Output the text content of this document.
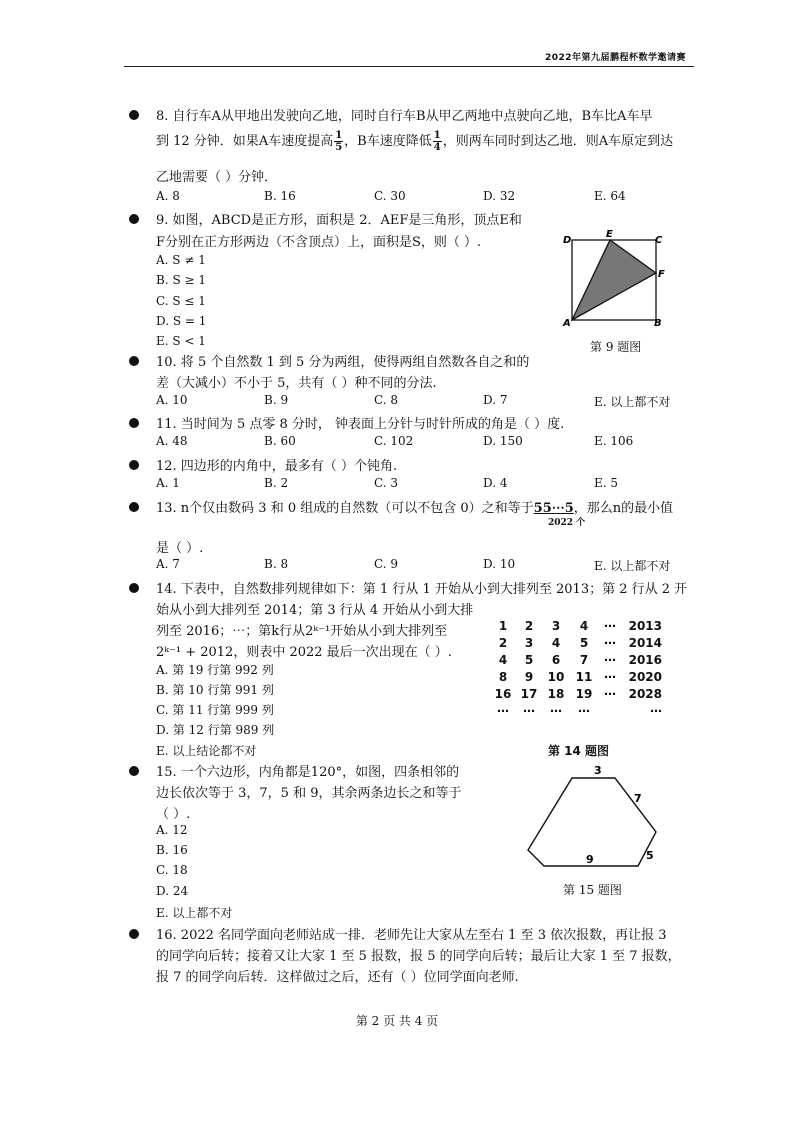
2022年第九届鹏程杯数学邀请赛
8. 自行车A从甲地出发驶向乙地，同时自行车B从甲乙两地中点驶向乙地，B车比A车早
到 12 分钟．如果A车速度提高 $\frac{1}{5}$ ，B车速度降低 $\frac{1}{4}$ ，则两车同时到达乙地．则A车原定到达
乙地需要（ ）分钟．
A. 8	B. 16	C. 30	D. 32	E. 64
9. 如图，ABCD是正方形，面积是 2．AEF是三角形，顶点E和
F分别在正方形两边（不含顶点）上，面积是S，则（ ）.
A. S ≠ 1
B. S ≥ 1
C. S ≤ 1
D. S = 1
E. S < 1
D
E
C
F
A	B
第 9 题图
10. 将 5 个自然数 1 到 5 分为两组，使得两组自然数各自之和的
差（大减小）不小于 5，共有（ ）种不同的分法.
A. 10	B. 9	C. 8	D. 7	E. 以上都不对
11. 当时间为 5 点零 8 分时， 钟表面上分针与时针所成的角是（ ）度.
A. 48	B. 60	C. 102	D. 150	E. 106
12. 四边形的内角中，最多有（ ）个钝角.
A. 1	B. 2	C. 3	D. 4	E. 5
13. n个仅由数码 3 和 0 组成的自然数（可以不包含 0）之和等于55⋯5，那么n的最小值
2022 个
是（ ）.
A. 7	B. 8	C. 9	D. 10	E. 以上都不对
14. 下表中，自然数排列规律如下：第 1 行从 1 开始从小到大排列至 2013；第 2 行从 2 开
始从小到大排列至 2014；第 3 行从 4 开始从小到大排
列至 2016；⋯；第k行从2ᵏ⁻¹开始从小到大排列至
2ᵏ⁻¹ + 2012，则表中 2022 最后一次出现在（ ）.
A. 第 19 行第 992 列
B. 第 10 行第 991 列
C. 第 11 行第 999 列
D. 第 12 行第 989 列
E. 以上结论都不对
1	2	3	4	⋯	2013
2	3	4	5	⋯	2014
4	5	6	7	⋯	2016
8	9	10	11	⋯	2020
16	17	18	19	⋯	2028
⋯	⋯	⋯	⋯		⋯
第 14 题图
15. 一个六边形，内角都是120°，如图，四条相邻的
边长依次等于 3，7，5 和 9，其余两条边长之和等于
（ ）.
A. 12
B. 16
C. 18
D. 24
E. 以上都不对
3
7
5
9
第 15 题图
16. 2022 名同学面向老师站成一排．老师先让大家从左至右 1 至 3 依次报数，再让报 3
的同学向后转；接着又让大家 1 至 5 报数，报 5 的同学向后转；最后让大家 1 至 7 报数，
报 7 的同学向后转．这样做过之后，还有（ ）位同学面向老师.
第 2 页 共 4 页
